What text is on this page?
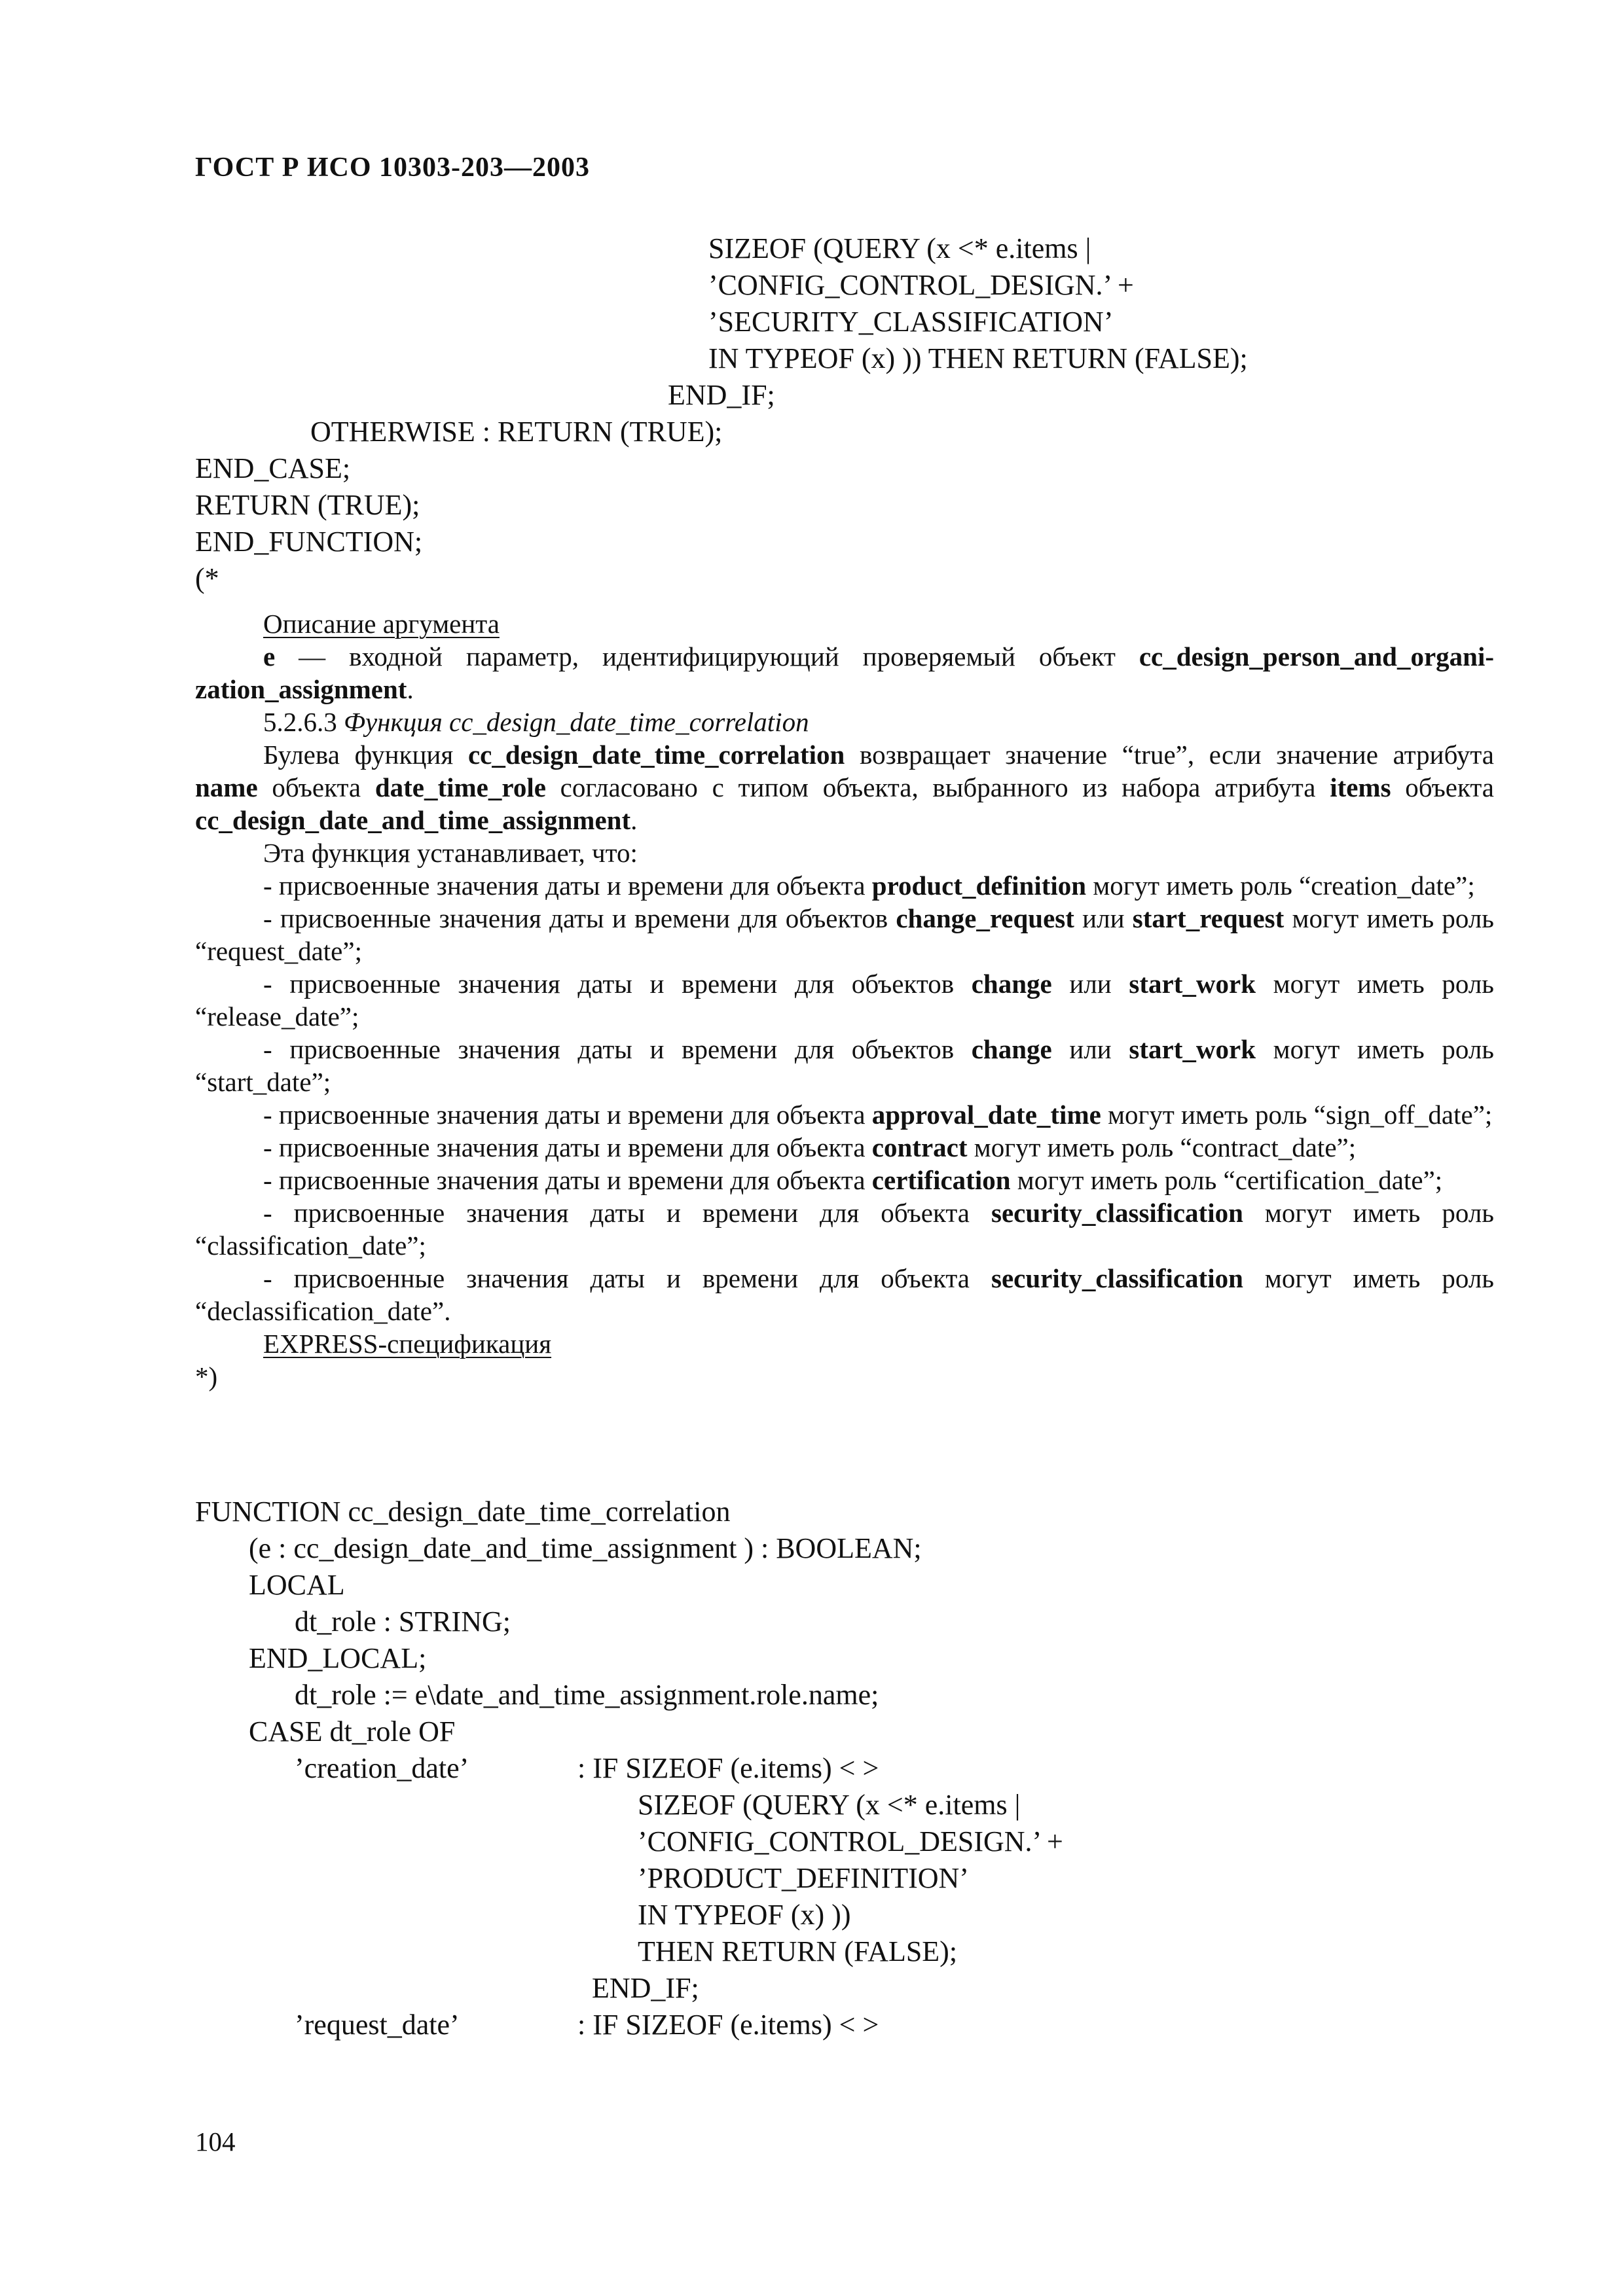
ГОСТ Р ИСО 10303-203—2003
SIZEOF (QUERY (x <* e.items |
’CONFIG_CONTROL_DESIGN.’ +
’SECURITY_CLASSIFICATION’
IN TYPEOF (x) )) THEN RETURN (FALSE);
END_IF;
OTHERWISE : RETURN (TRUE);
END_CASE;
RETURN (TRUE);
END_FUNCTION;
(*

Описание аргумента

e — входной параметр, идентифицирующий проверяемый объект cc_design_person_and_organi-zation_assignment.

5.2.6.3 Функция cc_design_date_time_correlation

Булева функция cc_design_date_time_correlation возвращает значение “true”, если значение атрибута name объекта date_time_role согласовано с типом объекта, выбранного из набора атрибута items объекта cc_design_date_and_time_assignment.

Эта функция устанавливает, что:

- присвоенные значения даты и времени для объекта product_definition могут иметь роль “creation_date”;

- присвоенные значения даты и времени для объектов change_request или start_request могут иметь роль “request_date”;

- присвоенные значения даты и времени для объектов change или start_work могут иметь роль “release_date”;

- присвоенные значения даты и времени для объектов change или start_work могут иметь роль “start_date”;

- присвоенные значения даты и времени для объекта approval_date_time могут иметь роль “sign_off_date”;

- присвоенные значения даты и времени для объекта contract могут иметь роль “contract_date”;

- присвоенные значения даты и времени для объекта certification могут иметь роль “certification_date”;

- присвоенные значения даты и времени для объекта security_classification могут иметь роль “classification_date”;

- присвоенные значения даты и времени для объекта security_classification могут иметь роль “declassification_date”.

EXPRESS-спецификация

*)

FUNCTION cc_design_date_time_correlation
(e : cc_design_date_and_time_assignment ) : BOOLEAN;
LOCAL
dt_role : STRING;
END_LOCAL;
dt_role := e\date_and_time_assignment.role.name;
CASE dt_role OF
’creation_date’	: IF SIZEOF (e.items) < >
SIZEOF (QUERY (x <* e.items |
’CONFIG_CONTROL_DESIGN.’ +
’PRODUCT_DEFINITION’
IN TYPEOF (x) ))
THEN RETURN (FALSE);
END_IF;
’request_date’	: IF SIZEOF (e.items) < >
104
